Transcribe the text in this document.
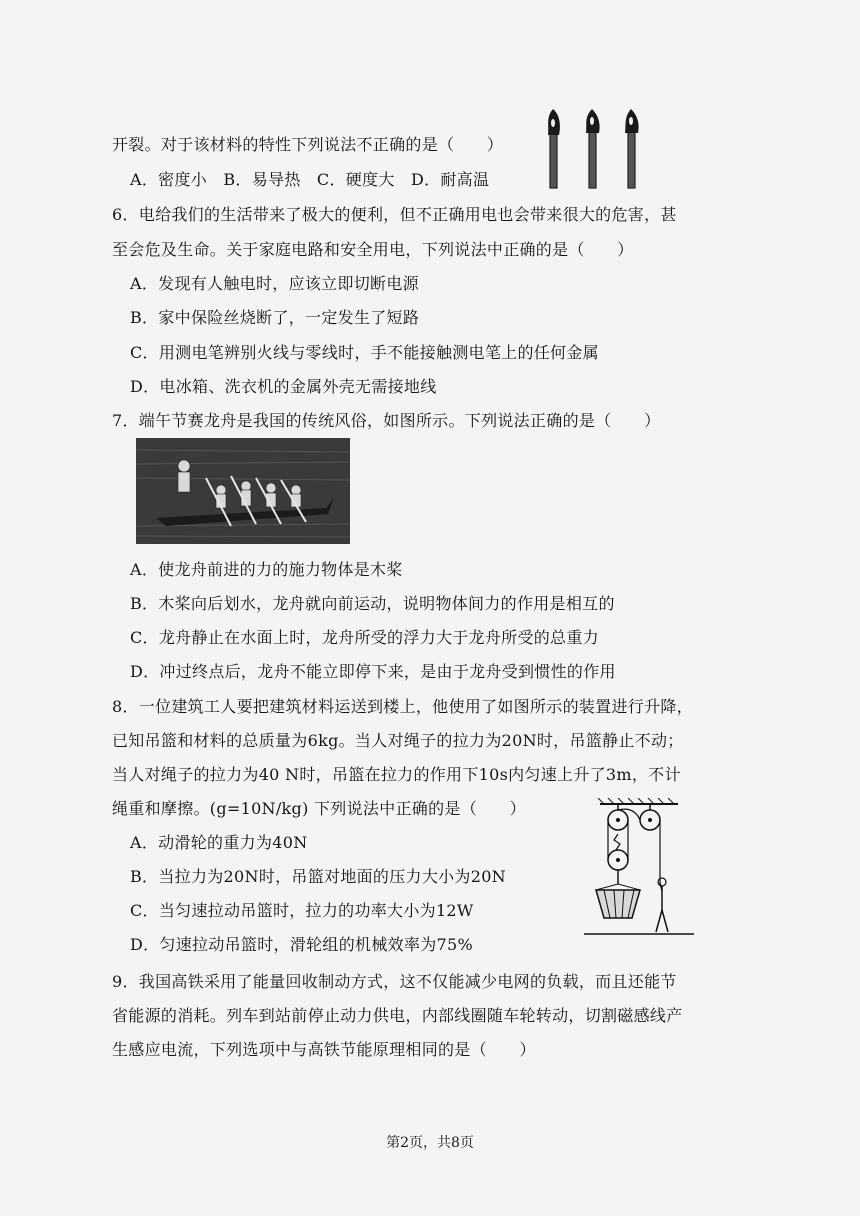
开裂。对于该材料的特性下列说法不正确的是（　　）
A．密度小　B．易导热　C．硬度大　D．耐高温
6．电给我们的生活带来了极大的便利，但不正确用电也会带来很大的危害，甚
至会危及生命。关于家庭电路和安全用电，下列说法中正确的是（　　）
A．发现有人触电时，应该立即切断电源
B．家中保险丝烧断了，一定发生了短路
C．用测电笔辨别火线与零线时，手不能接触测电笔上的任何金属
D．电冰箱、洗衣机的金属外壳无需接地线
7．端午节赛龙舟是我国的传统风俗，如图所示。下列说法正确的是（　　）
A．使龙舟前进的力的施力物体是木桨
B．木桨向后划水，龙舟就向前运动，说明物体间力的作用是相互的
C．龙舟静止在水面上时，龙舟所受的浮力大于龙舟所受的总重力
D．冲过终点后，龙舟不能立即停下来，是由于龙舟受到惯性的作用
8．一位建筑工人要把建筑材料运送到楼上，他使用了如图所示的装置进行升降，
已知吊篮和材料的总质量为6kg。当人对绳子的拉力为20N时，吊篮静止不动；
当人对绳子的拉力为40 N时，吊篮在拉力的作用下10s内匀速上升了3m，不计
绳重和摩擦。(g=10N/kg) 下列说法中正确的是（　　）
A．动滑轮的重力为40N
B．当拉力为20N时，吊篮对地面的压力大小为20N
C．当匀速拉动吊篮时，拉力的功率大小为12W
D．匀速拉动吊篮时，滑轮组的机械效率为75%
9．我国高铁采用了能量回收制动方式，这不仅能减少电网的负载，而且还能节
省能源的消耗。列车到站前停止动力供电，内部线圈随车轮转动，切割磁感线产
生感应电流，下列选项中与高铁节能原理相同的是（　　）
第2页，共8页
